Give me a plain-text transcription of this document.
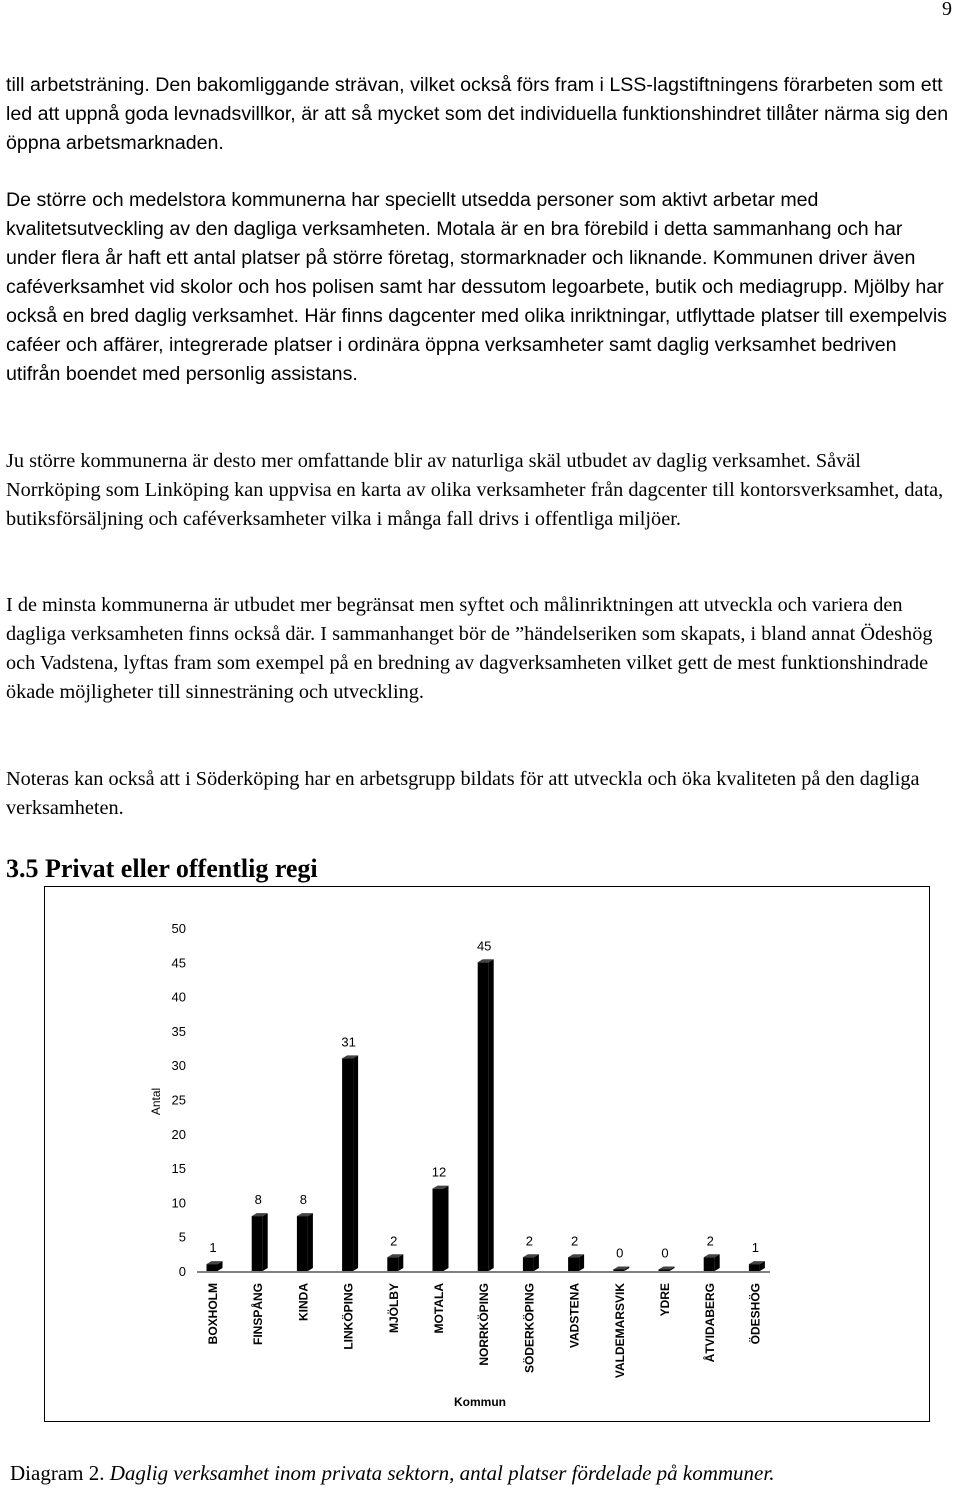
9

till arbetsträning. Den bakomliggande strävan, vilket också förs fram i LSS-lagstiftningens förarbeten som ett led att uppnå goda levnadsvillkor, är att så mycket som det individuella funktionshindret tillåter närma sig den öppna arbetsmarknaden.

De större och medelstora kommunerna har speciellt utsedda personer som aktivt arbetar med kvalitetsutveckling av den dagliga verksamheten. Motala är en bra förebild i detta sammanhang och har under flera år haft ett antal platser på större företag, stormarknader och liknande. Kommunen driver även caféverksamhet vid skolor och hos polisen samt har dessutom legoarbete, butik och mediagrupp. Mjölby har också en bred daglig verksamhet. Här finns dagcenter med olika inriktningar, utflyttade platser till exempelvis caféer och affärer, integrerade platser i ordinära öppna verksamheter samt daglig verksamhet bedriven utifrån boendet med personlig assistans.

Ju större kommunerna är desto mer omfattande blir av naturliga skäl utbudet av daglig verksamhet. Såväl Norrköping som Linköping kan uppvisa en karta av olika verksamheter från dagcenter till kontorsverksamhet, data, butiksförsäljning och caféverksamheter vilka i många fall drivs i offentliga miljöer.

I de minsta kommunerna är utbudet mer begränsat men syftet och målinriktningen att utveckla och variera den dagliga verksamheten finns också där. I sammanhanget bör de ”händelseriken som skapats, i bland annat Ödeshög och Vadstena, lyftas fram som exempel på en bredning av dagverksamheten vilket gett de mest funktionshindrade ökade möjligheter till sinnesträning och utveckling.

Noteras kan också att i Söderköping har en arbetsgrupp bildats för att utveckla och öka kvaliteten på den dagliga verksamheten.

3.5 Privat eller offentlig regi
0
5
10
15
20
25
30
35
40
45
50
Antal
1
BOXHOLM
8
FINSPÅNG
8
KINDA
31
LINKÖPING
2
MJÖLBY
12
MOTALA
45
NORRKÖPING
2
SÖDERKÖPING
2
VADSTENA
0
VALDEMARSVIK
0
YDRE
2
ÅTVIDABERG
1
ÖDESHÖG
Kommun

Diagram 2. Daglig verksamhet inom privata sektorn, antal platser fördelade på kommuner.
